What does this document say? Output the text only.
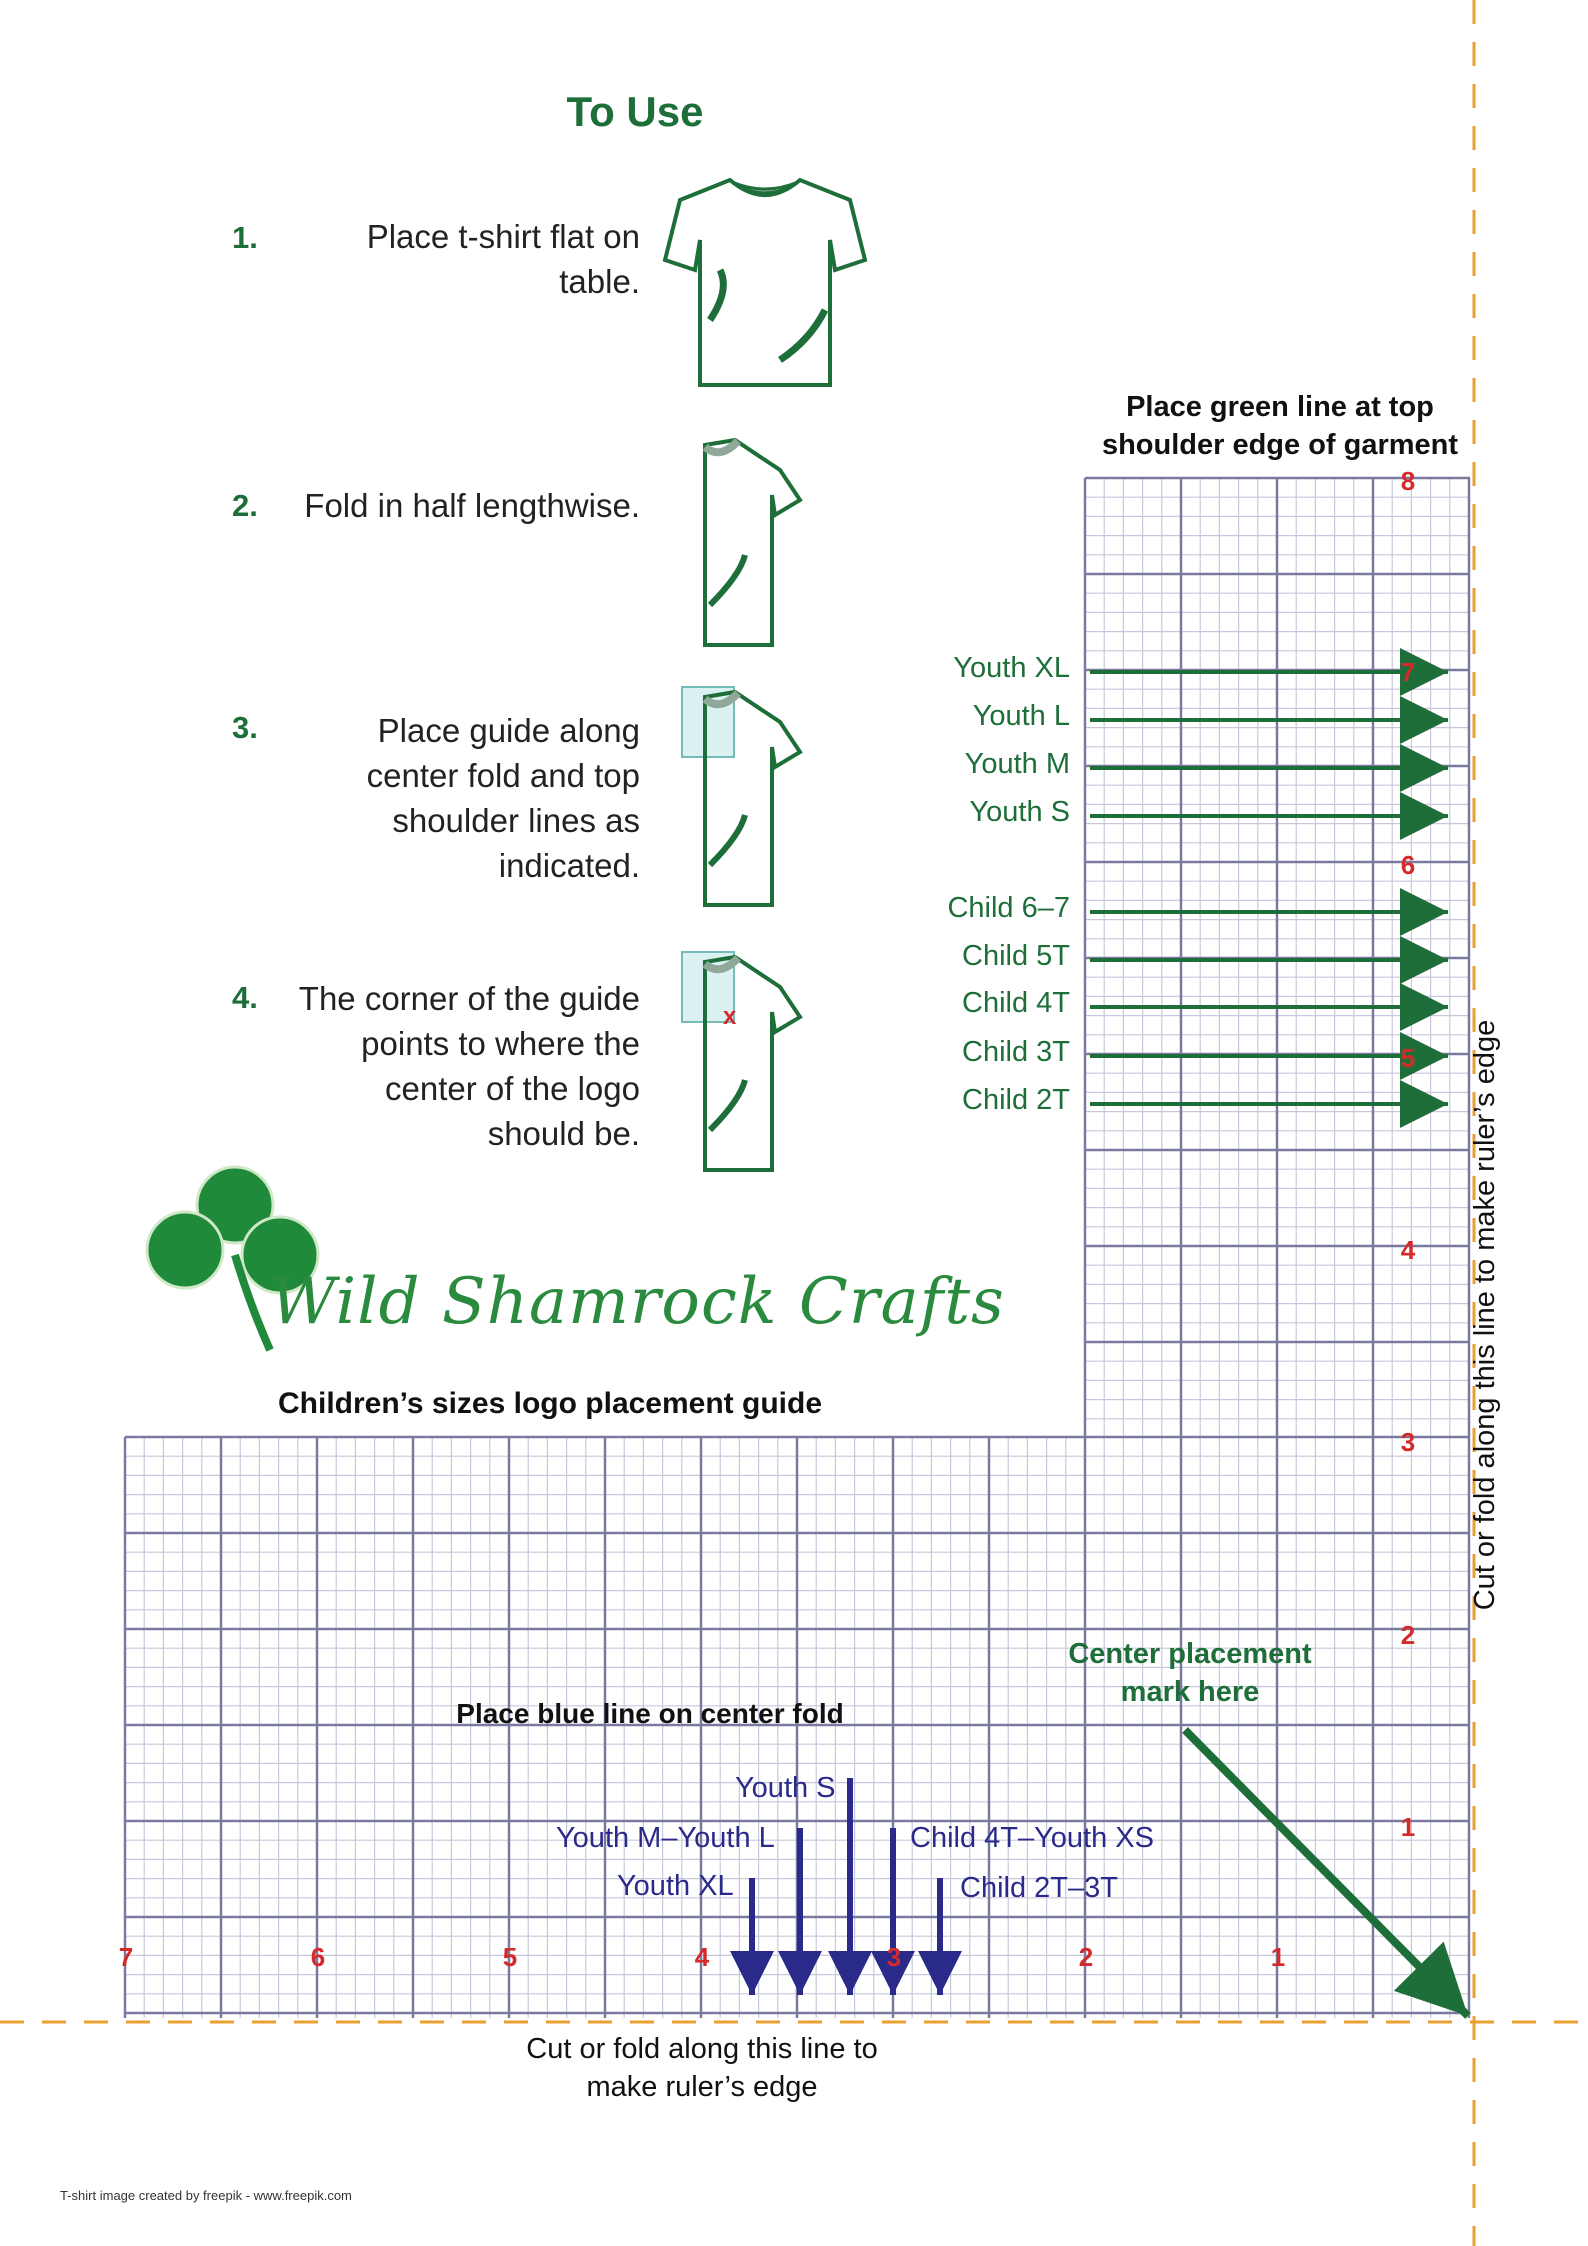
To Use
1.	Place t-shirt flat on
table.
2.	Fold in half lengthwise.
3.	Place guide along
center fold and top
shoulder lines as
indicated.
4.	The corner of the guide
points to where the
center of the logo
should be.
x
Wild Shamrock Crafts
Children’s sizes logo placement guide
Place green line at top
shoulder edge of garment
Youth XL
Youth L
Youth M
Youth S
Child 6–7
Child 5T
Child 4T
Child 3T
Child 2T
8
7
6
5
4
3
2
1
7	6	5	4	3	2	1
Place blue line on center fold
Youth S
Youth M–Youth L
Youth XL
Child 4T–Youth XS
Child 2T–3T
Center placement
mark here
Cut or fold along this line to make ruler’s edge
Cut or fold along this line to
make ruler’s edge
T-shirt image created by freepik - www.freepik.com
